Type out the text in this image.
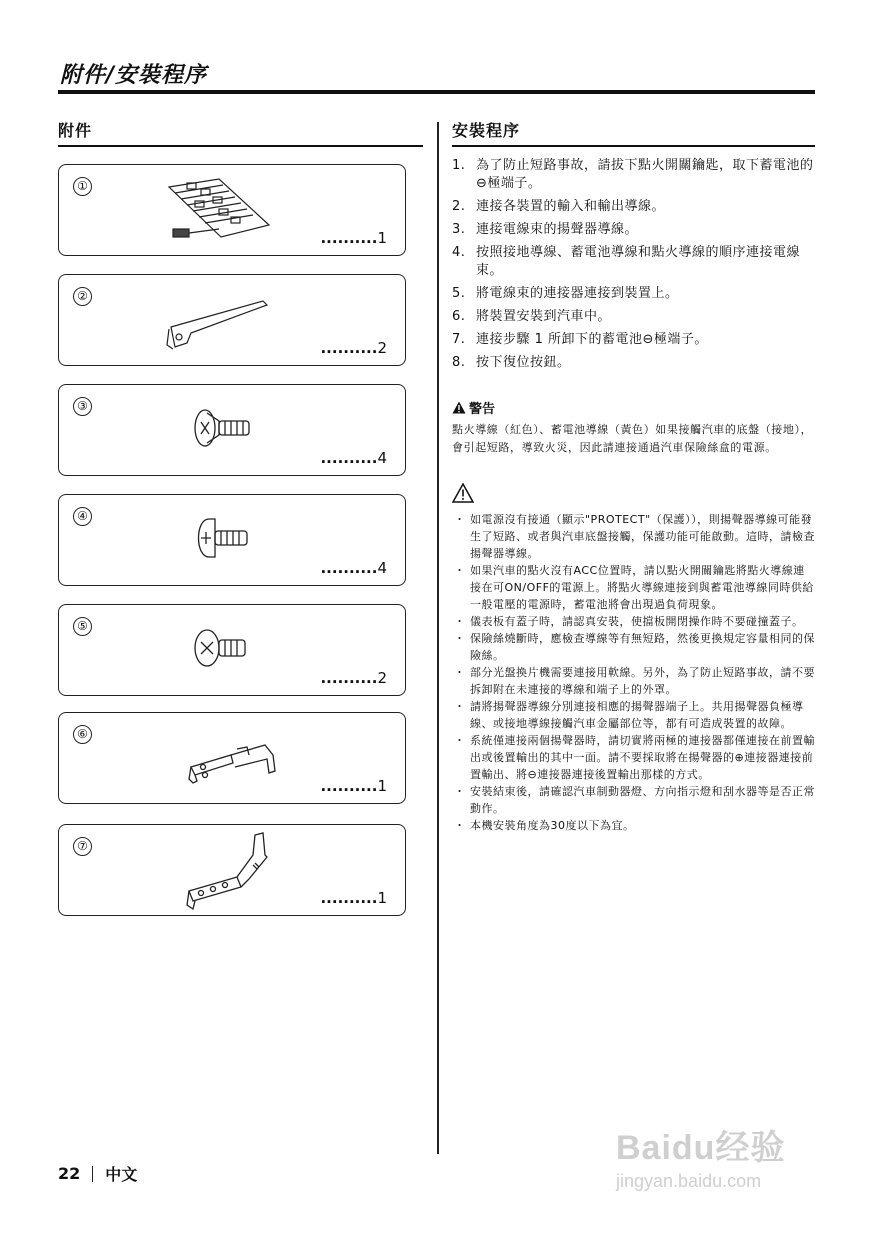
附件/安裝程序
附件
①
..........1
②
..........2
③
..........4
④
..........4
⑤
..........2
⑥
..........1
⑦
..........1
安裝程序
1. 為了防止短路事故，請拔下點火開關鑰匙，取下蓄電池的⊖極端子。
2. 連接各裝置的輸入和輸出導線。
3. 連接電線束的揚聲器導線。
4. 按照接地導線、蓄電池導線和點火導線的順序連接電線束。
5. 將電線束的連接器連接到裝置上。
6. 將裝置安裝到汽車中。
7. 連接步驟 1 所卸下的蓄電池⊖極端子。
8. 按下復位按鈕。
警告
點火導線（紅色）、蓄電池導線（黃色）如果接觸汽車的底盤（接地），會引起短路，導致火災，因此請連接通過汽車保險絲盒的電源。
・ 如電源沒有接通（顯示"PROTECT"（保護）），則揚聲器導線可能發生了短路、或者與汽車底盤接觸，保護功能可能啟動。這時，請檢查揚聲器導線。
・ 如果汽車的點火沒有ACC位置時，請以點火開關鑰匙將點火導線連接在可ON/OFF的電源上。將點火導線連接到與蓄電池導線同時供給一般電壓的電源時，蓄電池將會出現過負荷現象。
・ 儀表板有蓋子時，請認真安裝，使擋板開閉操作時不要碰撞蓋子。
・ 保險絲燒斷時，應檢查導線等有無短路，然後更換規定容量相同的保險絲。
・ 部分光盤換片機需要連接用軟線。另外，為了防止短路事故，請不要拆卸附在未連接的導線和端子上的外罩。
・ 請將揚聲器導線分別連接相應的揚聲器端子上。共用揚聲器負極導線、或接地導線接觸汽車金屬部位等，都有可造成裝置的故障。
・ 系統僅連接兩個揚聲器時，請切實將兩極的連接器都僅連接在前置輸出或後置輸出的其中一面。請不要採取將在揚聲器的⊕連接器連接前置輸出、將⊖連接器連接後置輸出那樣的方式。
・ 安裝結束後，請確認汽車制動器燈、方向指示燈和刮水器等是否正常動作。
・ 本機安裝角度為30度以下為宜。
22 中文
Baidu经验
jingyan.baidu.com
